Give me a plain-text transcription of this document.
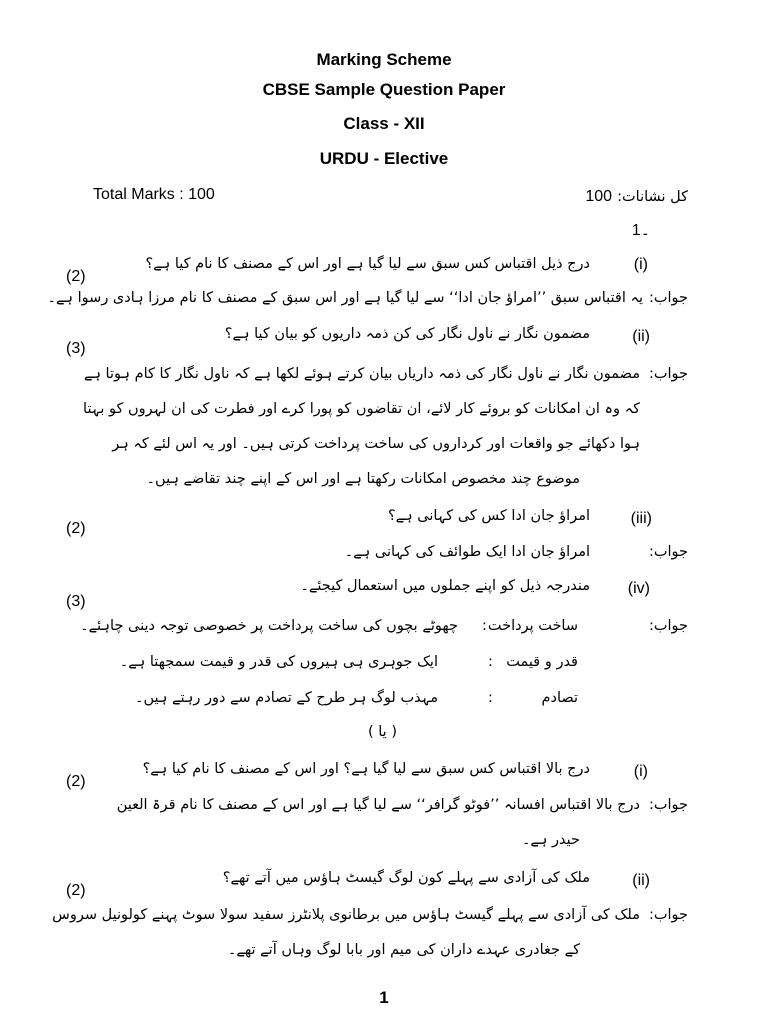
Marking Scheme
CBSE Sample Question Paper
Class - XII
URDU - Elective
Total Marks : 100	100 کل نشانات:
1۔
(2)
(3)
(2)
(3)
(2)
(2)
(i)
درج ذیل اقتباس کس سبق سے لیا گیا ہے اور اس کے مصنف کا نام کیا ہے؟
جواب:
یہ اقتباس سبق ’’امراؤ جان ادا‘‘ سے لیا گیا ہے اور اس سبق کے مصنف کا نام مرزا ہادی رسوا ہے۔
(ii)
مضمون نگار نے ناول نگار کی کن ذمہ داریوں کو بیان کیا ہے؟
جواب:
مضمون نگار نے ناول نگار کی ذمہ داریاں بیان کرتے ہوئے لکھا ہے کہ ناول نگار کا کام ہوتا ہے
کہ وہ ان امکانات کو بروئے کار لائے، ان تقاضوں کو پورا کرے اور فطرت کی ان لہروں کو بہتا
ہوا دکھائے جو واقعات اور کرداروں کی ساخت پرداخت کرتی ہیں۔ اور یہ اس لئے کہ ہر
موضوع چند مخصوص امکانات رکھتا ہے اور اس کے اپنے چند تقاضے ہیں۔
(iii)
امراؤ جان ادا کس کی کہانی ہے؟
جواب:
امراؤ جان ادا ایک طوائف کی کہانی ہے۔
(iv)
مندرجہ ذیل کو اپنے جملوں میں استعمال کیجئے۔
جواب:
ساخت پرداخت
:
چھوٹے بچوں کی ساخت پرداخت پر خصوصی توجہ دینی چاہئے۔
قدر و قیمت
:
ایک جوہری ہی ہیروں کی قدر و قیمت سمجھتا ہے۔
تصادم
:
مہذب لوگ ہر طرح کے تصادم سے دور رہتے ہیں۔
( یا )
(i)
درج بالا اقتباس کس سبق سے لیا گیا ہے؟ اور اس کے مصنف کا نام کیا ہے؟
جواب:
درج بالا اقتباس افسانہ ’’فوٹو گرافر‘‘ سے لیا گیا ہے اور اس کے مصنف کا نام قرۃ العین
حیدر ہے۔
(ii)
ملک کی آزادی سے پہلے کون لوگ گیسٹ ہاؤس میں آتے تھے؟
جواب:
ملک کی آزادی سے پہلے گیسٹ ہاؤس میں برطانوی پلانٹرز سفید سولا سوٹ پہنے کولونیل سروس
کے جغادری عہدے داران کی میم اور بابا لوگ وہاں آتے تھے۔
1
